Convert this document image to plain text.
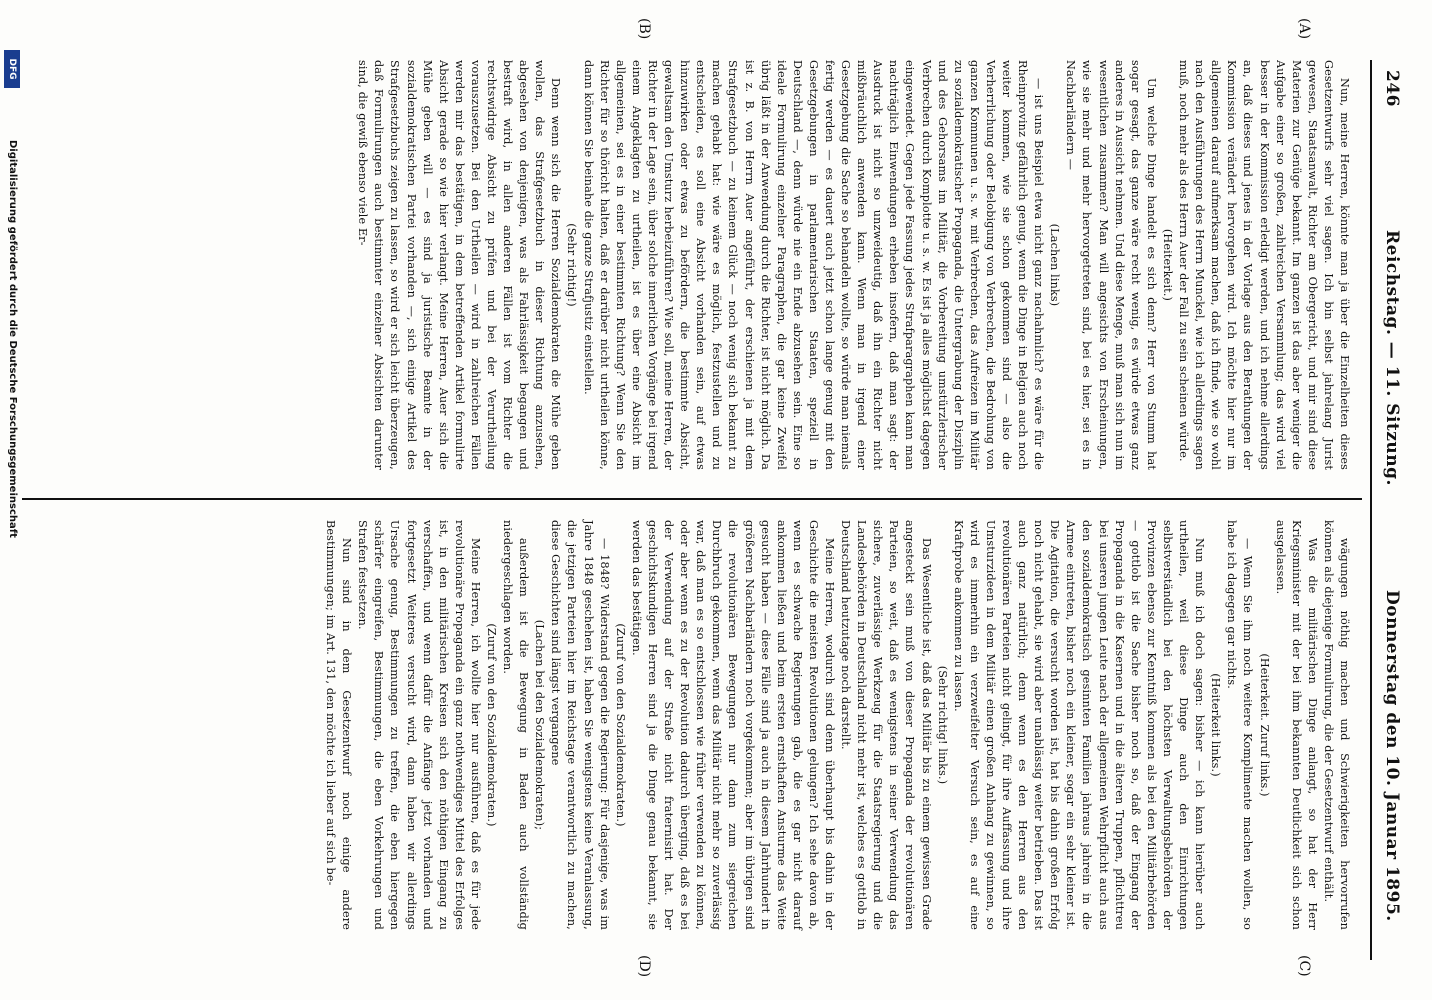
246
Reichstag. — 11. Sitzung.
Donnerstag den 10. Januar 1895.
(A)
(B)
(C)
(D)

Nun, meine Herren, könnte man ja über die Einzelheiten dieses Gesetzentwurfs sehr viel sagen. Ich bin selbst jahrelang Jurist gewesen, Staatsanwalt, Richter am Obergericht, und mir sind diese Materien zur Genüge bekannt. Im ganzen ist das aber weniger die Aufgabe einer so großen, zahlreichen Versammlung; das wird viel besser in der Kommission erledigt werden, und ich nehme allerdings an, daß dieses und jenes in der Vorlage aus den Berathungen der Kommission verändert hervorgehen wird. Ich möchte hier nur im allgemeinen darauf aufmerksam machen, daß ich finde, wie so wohl nach den Ausführungen des Herrn Munckel, wie ich allerdings sagen muß, noch mehr als des Herrn Auer der Fall zu sein scheinen würde.

(Heiterkeit.)

Um welche Dinge handelt es sich denn? Herr von Stumm hat sogar gesagt, das ganze wäre recht wenig, es würde etwas ganz anderes in Aussicht nehmen. Und diese Menge, muß man sich nun im wesentlichen zusammen? Man will angesichts von Erscheinungen, wie sie mehr und mehr hervorgetreten sind, bei es hier, sei es in Nachbarländern —

(Lachen links)

— ist uns Beispiel etwa nicht ganz nachahmlich? es wäre für die Rheinprovinz gefährlich genug, wenn die Dinge in Belgien auch noch weiter kommen, wie sie schon gekommen sind — also die Verherrlichung oder Belobigung von Verbrechen, die Bedrohung von ganzen Kommunen u. s. w. mit Verbrechen, das Aufreizen im Militär zu sozialdemokratischer Propaganda, die Untergrabung der Disziplin und des Gehorsams im Militär, die Vorbereitung umstürzlerischer Verbrechen durch Komplotte u. s. w. Es ist ja alles möglichst dagegen eingewendet. Gegen jede Fassung jedes Strafparagraphen kann man nachträglich Einwendungen erheben insofern, daß man sagt: der Ausdruck ist nicht so unzweideutig, daß ihn ein Richter nicht mißbräuchlich anwenden kann. Wenn man in irgend einer Gesetzgebung die Sache so behandeln wollte, so würde man niemals fertig werden — es dauert auch jetzt schon lange genug mit den Gesetzgebungen in parlamentarischen Staaten, speziell in Deutschland —, denn würde nie ein Ende abzusehen sein. Eine so ideale Formulirung einzelner Paragraphen, die gar keine Zweifel übrig läßt in der Anwendung durch die Richter, ist nicht möglich. Da ist z. B. von Herrn Auer angeführt, der erschienen ja mit dem Strafgesetzbuch — zu keinem Glück — noch wenig sich bekannt zu machen gehabt hat: wie wäre es möglich, festzustellen und zu entscheiden, es soll eine Absicht vorhanden sein, auf etwas hinzuwirken oder etwas zu befördern, die bestimmte Absicht, gewaltsam den Umsturz herbeizuführen? Wie soll, meine Herren, der Richter in der Lage sein, über solche innerlichen Vorgänge bei irgend einem Angeklagten zu urtheilen, ist es über eine Absicht im allgemeinen, sei es in einer bestimmten Richtung? Wenn Sie den Richter für so thöricht halten, daß er darüber nicht urtheilen könne, dann können Sie beinahe die ganze Strafjustiz einstellen.

(Sehr richtig!)

Denn wenn sich die Herren Sozialdemokraten die Mühe geben wollen, das Strafgesetzbuch in dieser Richtung anzusehen, abgesehen von denjenigen, was als Fahrlässigkeit begangen und bestraft wird, in allen anderen Fällen ist vom Richter die rechtswidrige Absicht zu prüfen und bei der Verurtheilung vorauszusetzen. Bei den Urtheilen — wird in zahlreichen Fällen werden mir das bestätigen, in dem betreffenden Artikel formulirte Absicht gerade so wie hier verlangt. Meine Herren, Auer sich die Mühe geben will — es sind ja juristische Beamte in der sozialdemokratischen Partei vorhanden —, sich einige Artikel des Strafgesetzbuchs zeigen zu lassen, so wird er sich leicht überzeugen, daß Formulirungen auch bestimmter einzelner Absichten darunter sind, die gewiß ebenso viele Er-

wägungen nöthig machen und Schwierigkeiten hervorrufen können als diejenige Formulirung, die der Gesetzentwurf enthält.

Was die militärischen Dinge anlangt, so hat der Herr Kriegsminister mit der bei ihm bekannten Deutlichkeit sich schon ausgelassen.

(Heiterkeit. Zuruf links.)

— Wenn Sie ihm noch weitere Komplimente machen wollen, so habe ich dagegen gar nichts.

(Heiterkeit links.)

Nun muß ich doch sagen: bisher — ich kann hierüber auch urtheilen, weil diese Dinge auch den Einrichtungen selbstverständlich bei den höchsten Verwaltungsbehörden der Provinzen ebenso zur Kenntniß kommen als bei den Militärbehörden — gottlob ist die Sache bisher noch so, daß der Eingang der Propaganda in die Kasernen und in die älteren Truppen, pflichttreu bei unseren jungen Leute nach der allgemeinen Wehrpflicht auch aus den sozialdemokratisch gesinnten Familien jahraus jahrein in die Armee eintreten, bisher noch ein kleiner, sogar ein sehr kleiner ist. Die Agitation, die versucht worden ist, hat bis dahin großen Erfolg noch nicht gehabt, sie wird aber unablässig weiter betrieben. Das ist auch ganz natürlich; denn wenn es den Herren aus den revolutionären Parteien nicht gelingt, für ihre Auffassung und ihre Umsturzideen in dem Militär einen großen Anhang zu gewinnen, so wird es immerhin ein verzweifelter Versuch sein, es auf eine Kraftprobe ankommen zu lassen.

(Sehr richtig! links.)

Das Wesentliche ist, daß das Militär bis zu einem gewissen Grade angesteckt sein muß von dieser Propaganda der revolutionären Parteien, so weit, daß es wenigstens in seiner Verwendung das sichere, zuverlässige Werkzeug für die Staatsregierung und die Landesbehörden in Deutschland nicht mehr ist, welches es gottlob in Deutschland heutzutage noch darstellt.

Meine Herren, wodurch sind denn überhaupt bis dahin in der Geschichte die meisten Revolutionen gelungen? Ich sehe davon ab, wenn es schwache Regierungen gab, die es gar nicht darauf ankommen ließen und beim ersten ernsthaften Ansturme das Weite gesucht haben — diese Fälle sind ja auch in diesem Jahrhundert in größeren Nachbarländern noch vorgekommen; aber im übrigen sind die revolutionären Bewegungen nur dann zum siegreichen Durchbruch gekommen, wenn das Militär nicht mehr so zuverlässig war, daß man es so entschlossen wie früher verwenden zu können, oder aber wenn es zu der Revolution dadurch überging, daß es bei der Verwendung auf der Straße nicht fraternisirt hat. Der geschichtskundigen Herren sind ja die Dinge genau bekannt, sie werden das bestätigen.

(Zuruf von den Sozialdemokraten.)

— 1848? Widerstand gegen die Regierung: Für dasjenige, was im Jahre 1848 geschehen ist, haben Sie wenigstens keine Veranlassung, die jetzigen Parteien hier im Reichstage verantwortlich zu machen, diese Geschichten sind längst vergangene

(Lachen bei den Sozialdemokraten);

außerdem ist die Bewegung in Baden auch vollständig niedergeschlagen worden.

(Zuruf von den Sozialdemokraten.)

Meine Herren, ich wollte hier nur ausführen, daß es für jede revolutionäre Propaganda ein ganz nothwendiges Mittel des Erfolges ist, in den militärischen Kreisen sich den nöthigen Eingang zu verschaffen, und wenn dafür die Anfänge jetzt vorhanden und fortgesetzt Weiteres versucht wird, dann haben wir allerdings Ursache genug, Bestimmungen zu treffen, die eben hiergegen schärfer eingreifen, Bestimmungen, die eben Vorkehrungen und Strafen festsetzen.

Nun sind in dem Gesetzentwurf noch einige andere Bestimmungen; im Art. 131, den möchte ich lieber auf sich be-

Digitalisierung gefördert durch die Deutsche Forschungsgemeinschaft
DFG
